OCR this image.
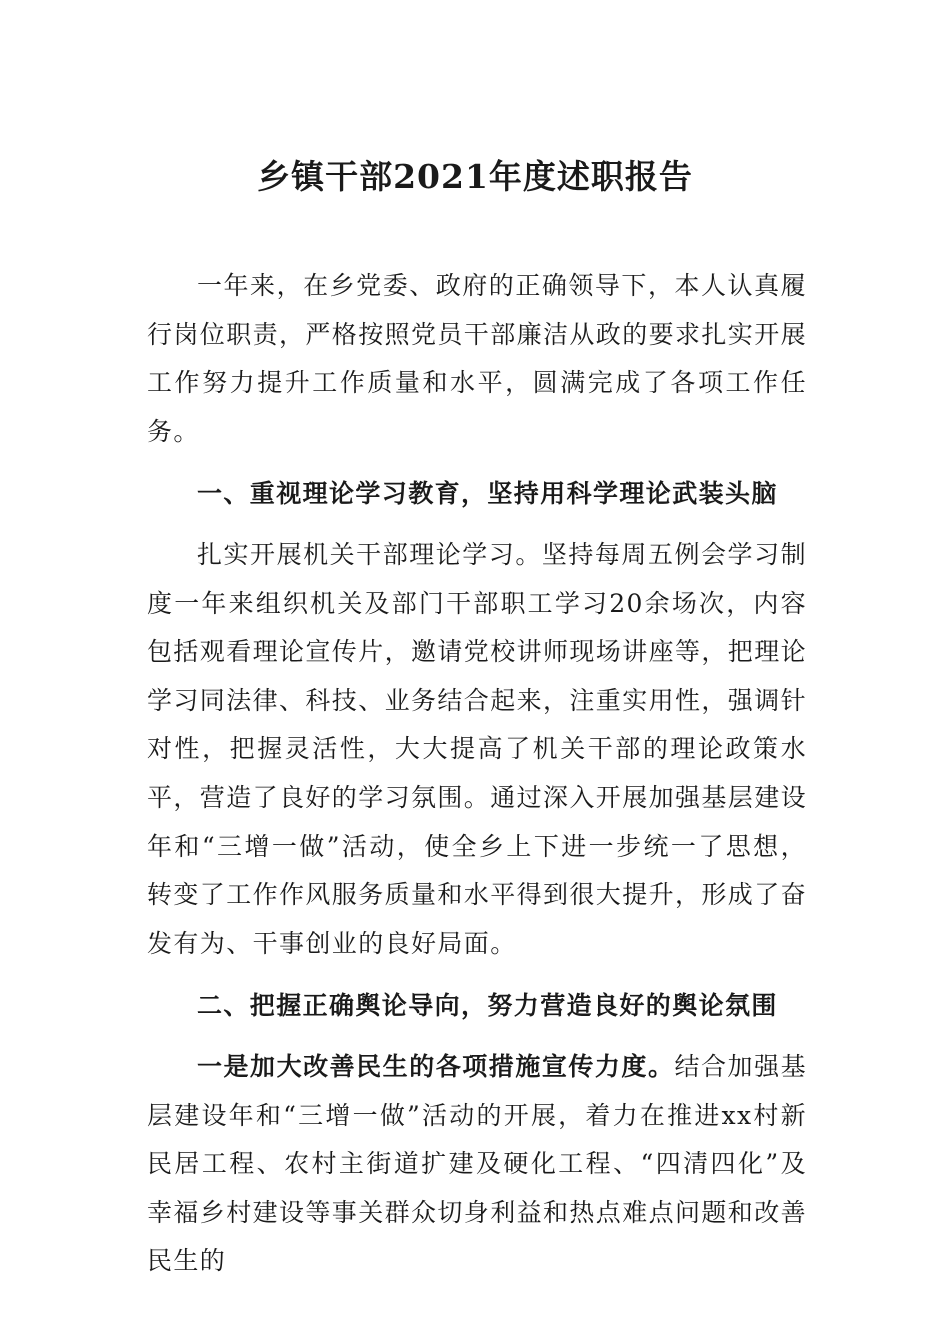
乡镇干部2021年度述职报告

一年来，在乡党委、政府的正确领导下，本人认真履行岗位职责，严格按照党员干部廉洁从政的要求扎实开展工作努力提升工作质量和水平，圆满完成了各项工作任务。

一、重视理论学习教育，坚持用科学理论武装头脑

扎实开展机关干部理论学习。坚持每周五例会学习制度一年来组织机关及部门干部职工学习20余场次，内容包括观看理论宣传片，邀请党校讲师现场讲座等，把理论学习同法律、科技、业务结合起来，注重实用性，强调针对性，把握灵活性，大大提高了机关干部的理论政策水平，营造了良好的学习氛围。通过深入开展加强基层建设年和“三增一做”活动，使全乡上下进一步统一了思想，转变了工作作风服务质量和水平得到很大提升，形成了奋发有为、干事创业的良好局面。

二、把握正确舆论导向，努力营造良好的舆论氛围

一是加大改善民生的各项措施宣传力度。结合加强基层建设年和“三增一做”活动的开展，着力在推进xx村新民居工程、农村主街道扩建及硬化工程、“四清四化”及幸福乡村建设等事关群众切身利益和热点难点问题和改善民生的
